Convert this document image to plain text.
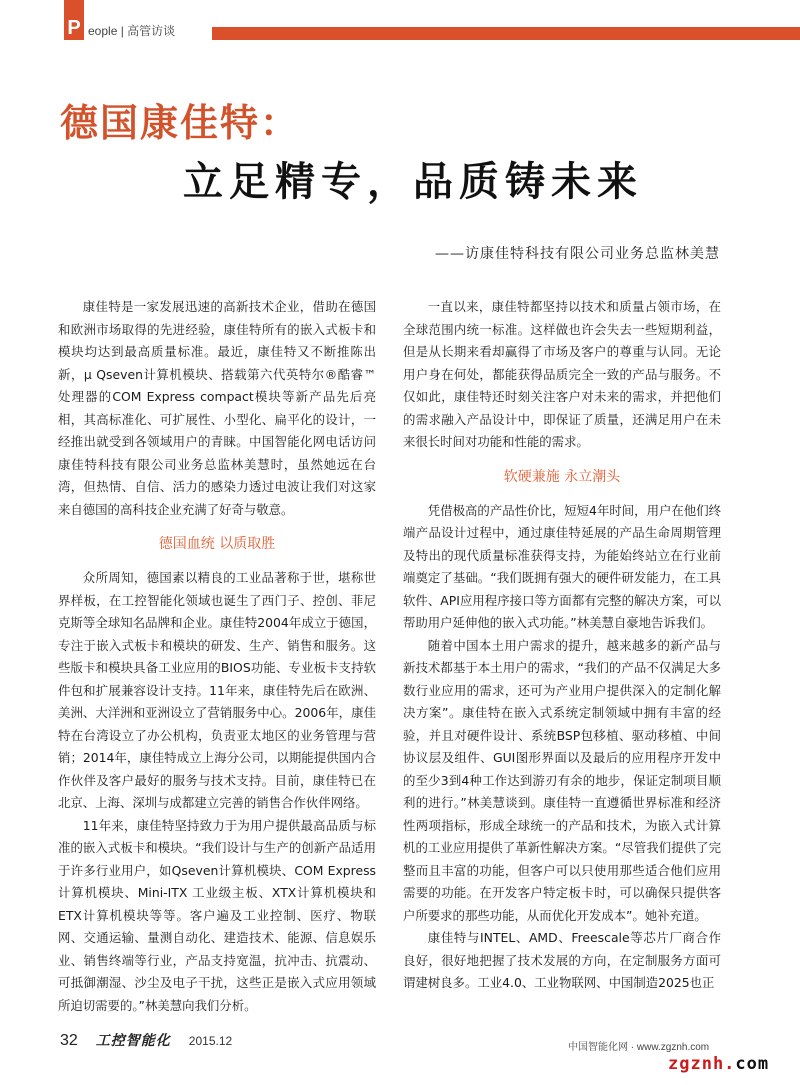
P eople | 高管访谈
德国康佳特：
立足精专，品质铸未来
——访康佳特科技有限公司业务总监林美慧

康佳特是一家发展迅速的高新技术企业，借助在德国和欧洲市场取得的先进经验，康佳特所有的嵌入式板卡和模块均达到最高质量标准。最近，康佳特又不断推陈出新，μ Qseven计算机模块、搭载第六代英特尔®酷睿™处理器的COM Express compact模块等新产品先后亮相，其高标准化、可扩展性、小型化、扁平化的设计，一经推出就受到各领域用户的青睐。中国智能化网电话访问康佳特科技有限公司业务总监林美慧时，虽然她远在台湾，但热情、自信、活力的感染力透过电波让我们对这家来自德国的高科技企业充满了好奇与敬意。

德国血统 以质取胜

众所周知，德国素以精良的工业品著称于世，堪称世界样板，在工控智能化领域也诞生了西门子、控创、菲尼克斯等全球知名品牌和企业。康佳特2004年成立于德国，专注于嵌入式板卡和模块的研发、生产、销售和服务。这些版卡和模块具备工业应用的BIOS功能、专业板卡支持软件包和扩展兼容设计支持。11年来，康佳特先后在欧洲、美洲、大洋洲和亚洲设立了营销服务中心。2006年，康佳特在台湾设立了办公机构，负责亚太地区的业务管理与营销；2014年，康佳特成立上海分公司，以期能提供国内合作伙伴及客户最好的服务与技术支持。目前，康佳特已在北京、上海、深圳与成都建立完善的销售合作伙伴网络。

11年来，康佳特坚持致力于为用户提供最高品质与标准的嵌入式板卡和模块。“我们设计与生产的创新产品适用于许多行业用户，如Qseven计算机模块、COM Express计算机模块、Mini-ITX 工业级主板、XTX计算机模块和ETX计算机模块等等。客户遍及工业控制、医疗、物联网、交通运输、量测自动化、建造技术、能源、信息娱乐业、销售终端等行业，产品支持宽温，抗冲击、抗震动、可抵御潮湿、沙尘及电子干扰，这些正是嵌入式应用领域所迫切需要的。”林美慧向我们分析。

一直以来，康佳特都坚持以技术和质量占领市场，在全球范围内统一标准。这样做也许会失去一些短期利益，但是从长期来看却赢得了市场及客户的尊重与认同。无论用户身在何处，都能获得品质完全一致的产品与服务。不仅如此，康佳特还时刻关注客户对未来的需求，并把他们的需求融入产品设计中，即保证了质量，还满足用户在未来很长时间对功能和性能的需求。

软硬兼施 永立潮头

凭借极高的产品性价比，短短4年时间，用户在他们终端产品设计过程中，通过康佳特延展的产品生命周期管理及特出的现代质量标准获得支持，为能始终站立在行业前端奠定了基础。“我们既拥有强大的硬件研发能力，在工具软件、API应用程序接口等方面都有完整的解决方案，可以帮助用户延伸他的嵌入式功能。”林美慧自豪地告诉我们。

随着中国本土用户需求的提升，越来越多的新产品与新技术都基于本土用户的需求，“我们的产品不仅满足大多数行业应用的需求，还可为产业用户提供深入的定制化解决方案”。康佳特在嵌入式系统定制领域中拥有丰富的经验，并且对硬件设计、系统BSP包移植、驱动移植、中间协议层及组件、GUI图形界面以及最后的应用程序开发中的至少3到4种工作达到游刃有余的地步，保证定制项目顺利的进行。”林美慧谈到。康佳特一直遵循世界标准和经济性两项指标，形成全球统一的产品和技术，为嵌入式计算机的工业应用提供了革新性解决方案。“尽管我们提供了完整而且丰富的功能，但客户可以只使用那些适合他们应用需要的功能。在开发客户特定板卡时，可以确保只提供客户所要求的那些功能，从而优化开发成本”。她补充道。

康佳特与INTEL、AMD、Freescale等芯片厂商合作良好，很好地把握了技术发展的方向，在定制服务方面可谓建树良多。工业4.0、工业物联网、中国制造2025也正

32 工控智能化 2015.12	中国智能化网 · www.zgznh.com
zgznh.com
